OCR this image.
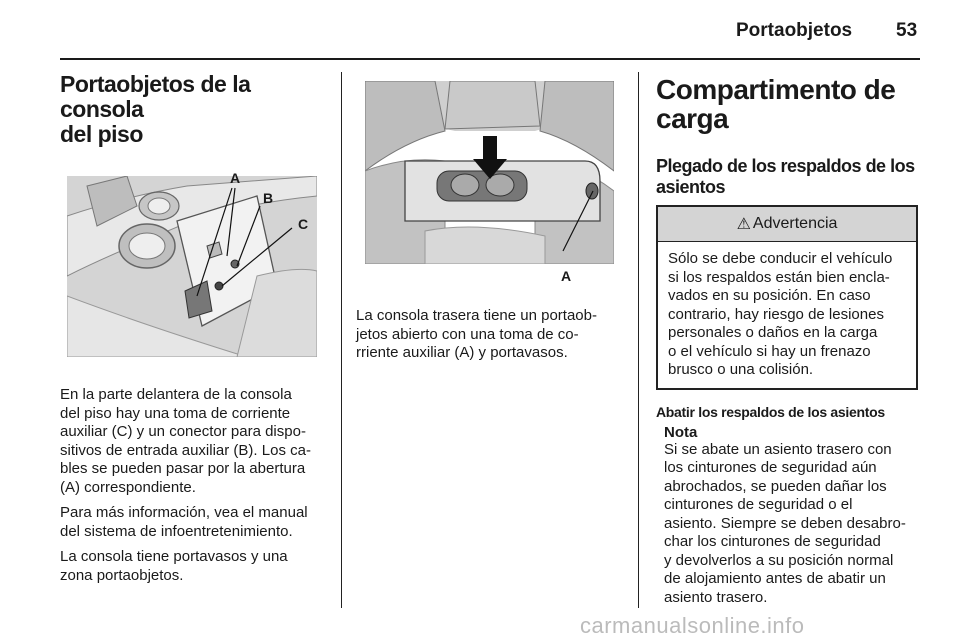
Portaobjetos 53
Portaobjetos de la consola
del piso
A
B
C

En la parte delantera de la consola
del piso hay una toma de corriente
auxiliar (C) y un conector para dispo-
sitivos de entrada auxiliar (B). Los ca-
bles se pueden pasar por la abertura
(A) correspondiente.

Para más información, vea el manual
del sistema de infoentretenimiento.

La consola tiene portavasos y una
zona portaobjetos.

A

La consola trasera tiene un portaob-
jetos abierto con una toma de co-
rriente auxiliar (A) y portavasos.

Compartimento de
carga
Plegado de los respaldos de los
asientos
⚠ Advertencia
Sólo se debe conducir el vehículo
si los respaldos están bien encla-
vados en su posición. En caso
contrario, hay riesgo de lesiones
personales o daños en la carga
o el vehículo si hay un frenazo
brusco o una colisión.
Abatir los respaldos de los asientos
Nota

Si se abate un asiento trasero con
los cinturones de seguridad aún
abrochados, se pueden dañar los
cinturones de seguridad o el
asiento. Siempre se deben desabro-
char los cinturones de seguridad
y devolverlos a su posición normal
de alojamiento antes de abatir un
asiento trasero.

carmanualsonline.info
